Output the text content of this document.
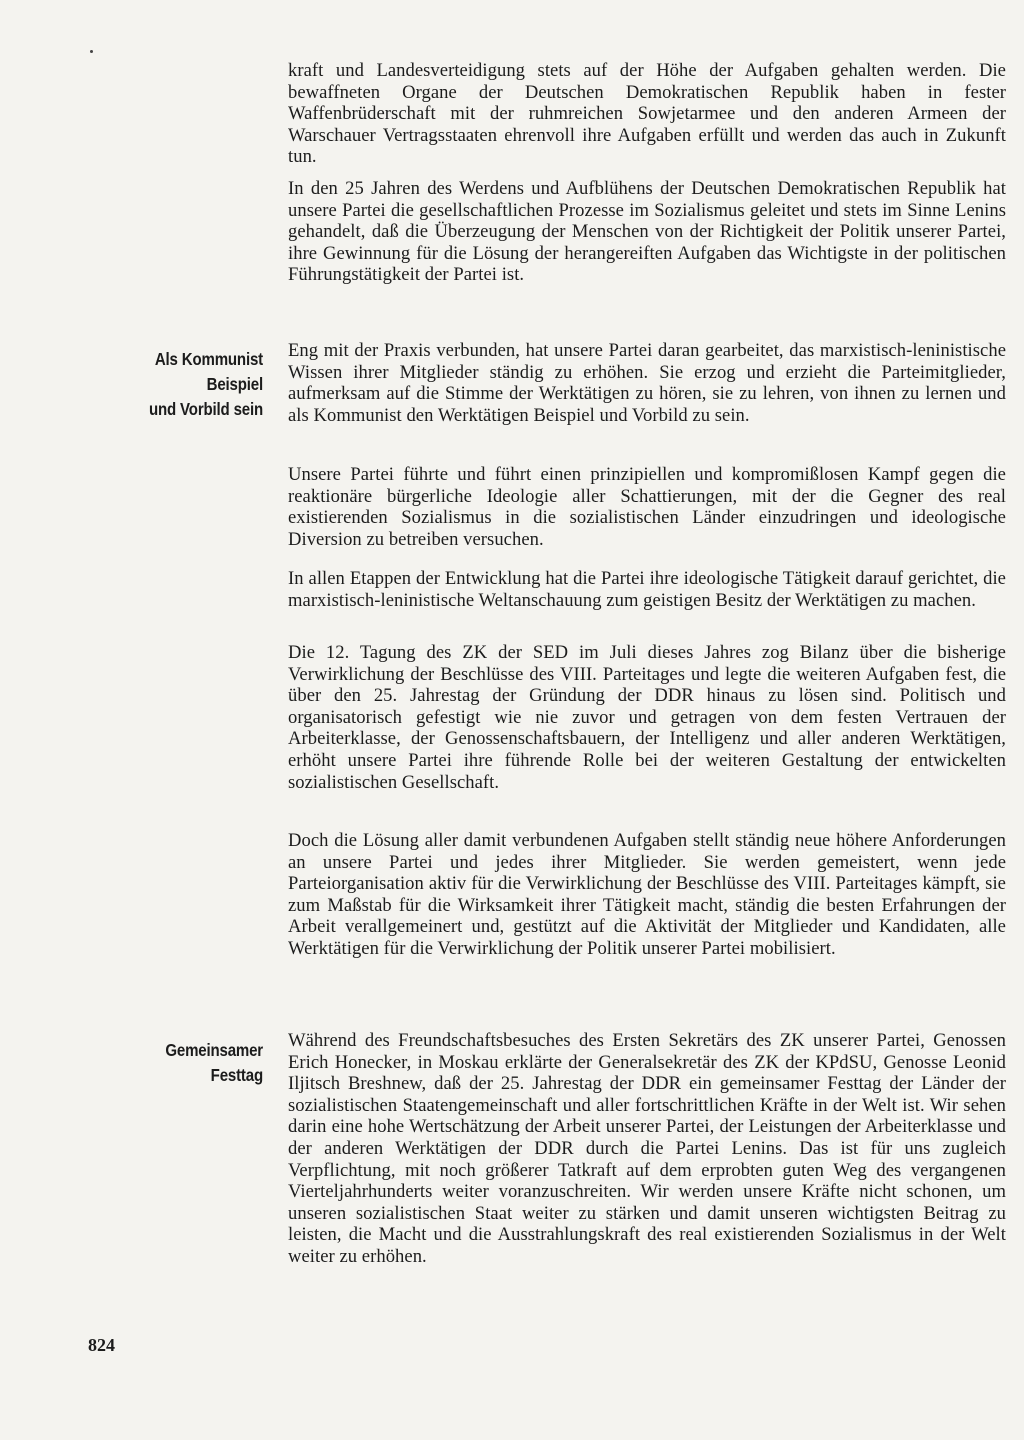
kraft und Landesverteidigung stets auf der Höhe der Aufgaben gehalten werden. Die bewaffneten Organe der Deutschen Demokratischen Republik haben in fester Waffenbrüderschaft mit der ruhmreichen Sowjetarmee und den anderen Armeen der Warschauer Vertragsstaaten ehrenvoll ihre Aufgaben erfüllt und werden das auch in Zukunft tun.

In den 25 Jahren des Werdens und Aufblühens der Deutschen Demokratischen Republik hat unsere Partei die gesellschaftlichen Prozesse im Sozialismus geleitet und stets im Sinne Lenins gehandelt, daß die Überzeugung der Menschen von der Richtigkeit der Politik unserer Partei, ihre Gewinnung für die Lösung der herangereiften Aufgaben das Wichtigste in der politischen Führungstätigkeit der Partei ist.

Als Kommunist
Beispiel
und Vorbild sein

Eng mit der Praxis verbunden, hat unsere Partei daran gearbeitet, das marxistisch-leninistische Wissen ihrer Mitglieder ständig zu erhöhen. Sie erzog und erzieht die Parteimitglieder, aufmerksam auf die Stimme der Werktätigen zu hören, sie zu lehren, von ihnen zu lernen und als Kommunist den Werktätigen Beispiel und Vorbild zu sein.

Unsere Partei führte und führt einen prinzipiellen und kompromißlosen Kampf gegen die reaktionäre bürgerliche Ideologie aller Schattierungen, mit der die Gegner des real existierenden Sozialismus in die sozialistischen Länder einzudringen und ideologische Diversion zu betreiben versuchen.

In allen Etappen der Entwicklung hat die Partei ihre ideologische Tätigkeit darauf gerichtet, die marxistisch-leninistische Weltanschauung zum geistigen Besitz der Werktätigen zu machen.

Die 12. Tagung des ZK der SED im Juli dieses Jahres zog Bilanz über die bisherige Verwirklichung der Beschlüsse des VIII. Parteitages und legte die weiteren Aufgaben fest, die über den 25. Jahrestag der Gründung der DDR hinaus zu lösen sind. Politisch und organisatorisch gefestigt wie nie zuvor und getragen von dem festen Vertrauen der Arbeiterklasse, der Genossenschaftsbauern, der Intelligenz und aller anderen Werktätigen, erhöht unsere Partei ihre führende Rolle bei der weiteren Gestaltung der entwickelten sozialistischen Gesellschaft.

Doch die Lösung aller damit verbundenen Aufgaben stellt ständig neue höhere Anforderungen an unsere Partei und jedes ihrer Mitglieder. Sie werden gemeistert, wenn jede Parteiorganisation aktiv für die Verwirklichung der Beschlüsse des VIII. Parteitages kämpft, sie zum Maßstab für die Wirksamkeit ihrer Tätigkeit macht, ständig die besten Erfahrungen der Arbeit verallgemeinert und, gestützt auf die Aktivität der Mitglieder und Kandidaten, alle Werktätigen für die Verwirklichung der Politik unserer Partei mobilisiert.

Gemeinsamer Festtag

Während des Freundschaftsbesuches des Ersten Sekretärs des ZK unserer Partei, Genossen Erich Honecker, in Moskau erklärte der Generalsekretär des ZK der KPdSU, Genosse Leonid Iljitsch Breshnew, daß der 25. Jahrestag der DDR ein gemeinsamer Festtag der Länder der sozialistischen Staatengemeinschaft und aller fortschrittlichen Kräfte in der Welt ist. Wir sehen darin eine hohe Wertschätzung der Arbeit unserer Partei, der Leistungen der Arbeiterklasse und der anderen Werktätigen der DDR durch die Partei Lenins. Das ist für uns zugleich Verpflichtung, mit noch größerer Tatkraft auf dem erprobten guten Weg des vergangenen Vierteljahrhunderts weiter voranzuschreiten. Wir werden unsere Kräfte nicht schonen, um unseren sozialistischen Staat weiter zu stärken und damit unseren wichtigsten Beitrag zu leisten, die Macht und die Ausstrahlungskraft des real existierenden Sozialismus in der Welt weiter zu erhöhen.

824
